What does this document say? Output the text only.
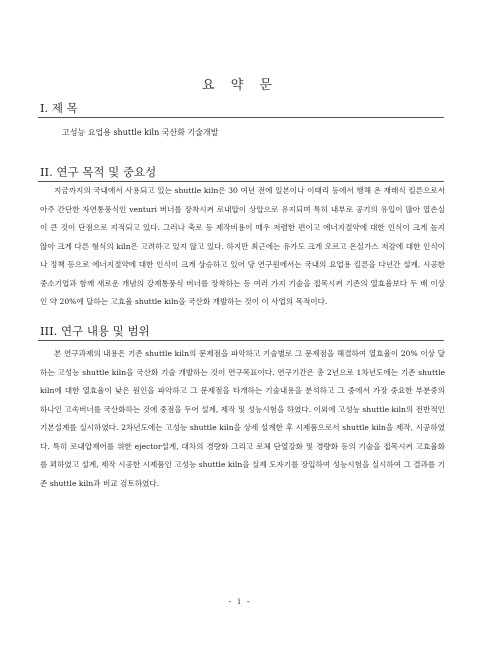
요 약 문
I. 제 목
고성능 요업용 shuttle kiln 국산화 기술개발
II. 연구 목적 및 중요성
지금까지의 국내에서 사용되고 있는 shuttle kiln은 30 여년 전에 일본이나 이태리 등에서 행해 온 재래식 킬른으로서 아주 간단한 자연통풍식인 venturi 버너를 장착시켜 로내압이 상압으로 유지되며 특히 내부로 공기의 유입이 많아 열손실이 큰 것이 단점으로 지적되고 있다. 그러나 축로 등 제작비용이 매우 저렴한 편이고 에너지절약에 대한 인식이 크게 높지 않아 크게 다른 형식의 kiln은 고려하고 있지 않고 있다. 하지만 최근에는 유가도 크게 오르고 온실가스 저감에 대한 인식이나 정책 등으로 에너지절약에 대한 인식이 크게 상승하고 있어 당 연구원에서는 국내의 요업용 킬른을 다년간 설계, 시공한 중소기업과 함께 새로운 개념의 강제통풍식 버너를 장착하는 등 여러 가지 기술을 접목시켜 기존의 열효율보다 두 배 이상인 약 20%에 달하는 고효율 shuttle kiln을 국산화 개발하는 것이 이 사업의 목적이다.
III. 연구 내용 및 범위
본 연구과제의 내용은 기존 shuttle kiln의 문제점을 파악하고 기술별로 그 문제점을 해결하여 열효율이 20% 이상 달하는 고성능 shuttle kiln을 국산화 기술 개발하는 것이 연구목표이다. 연구기간은 총 2년으로 1차년도에는 기존 shuttle kiln에 대한 열효율이 낮은 원인을 파악하고 그 문제점을 타개하는 기술내용을 분석하고 그 중에서 가장 중요한 부분중의 하나인 고속버너를 국산화하는 것에 중점을 두어 설계, 제작 및 성능시험을 하였다. 이외에 고성능 shuttle kiln의 전반적인 기본설계를 실시하였다. 2차년도에는 고성능 shuttle kiln을 상세 설계한 후 시제품으로서 shuttle kiln을 제작, 시공하였다. 특히 로내압제어를 위한 ejector설계, 대차의 경량화 그리고 로체 단열강화 및 경량화 등의 기술을 접목시켜 고효율화를 꾀하였고 설계, 제작 시공한 시제품인 고성능 shuttle kiln을 실제 도자기를 장입하여 성능시험을 실시하여 그 결과를 기존 shuttle kiln과 비교 검토하였다.
- i -
